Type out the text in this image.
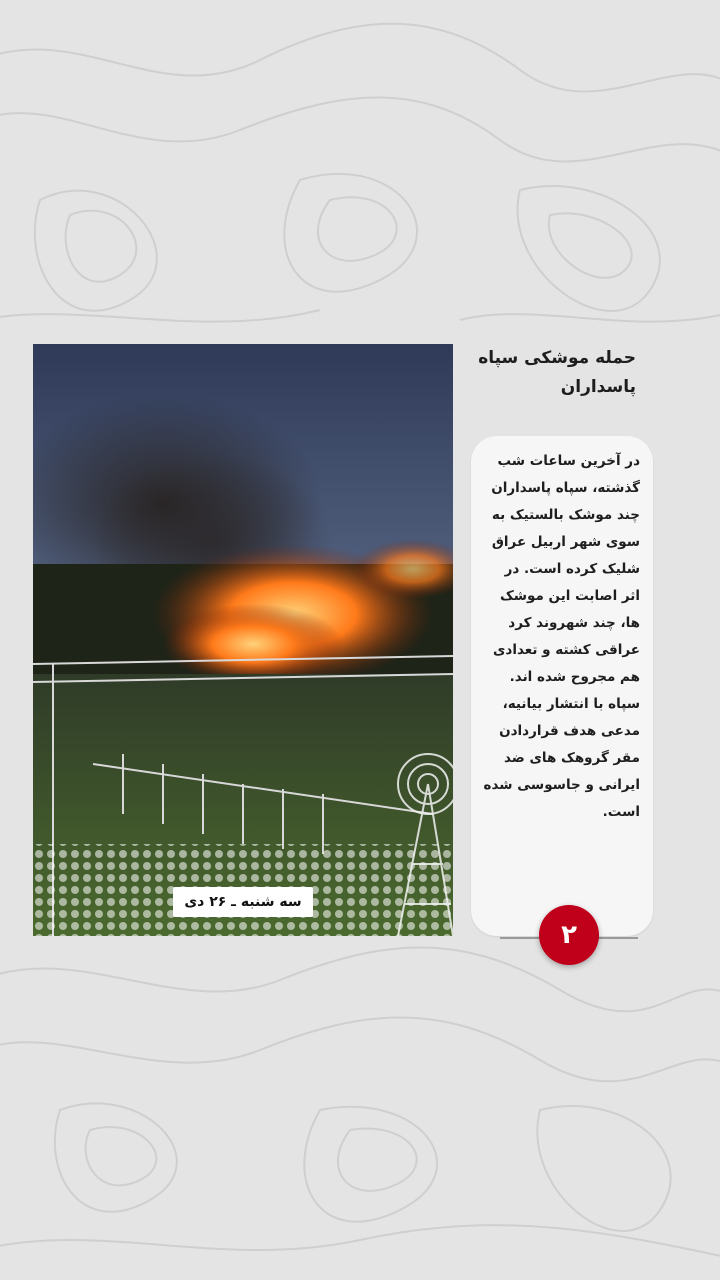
سه شنبه ـ ۲۶ دی
حمله موشکی سپاه پاسداران
در آخرین ساعات شب گذشته، سپاه پاسداران چند موشک بالستیک به سوی شهر اربیل عراق شلیک کرده است. در اثر اصابت این موشک ها، چند شهروند کرد عراقی کشته و تعدادی هم مجروح شده اند. سپاه با انتشار بیانیه، مدعی هدف قراردادن مقر گروهک های ضد ایرانی و جاسوسی شده است.
۲
